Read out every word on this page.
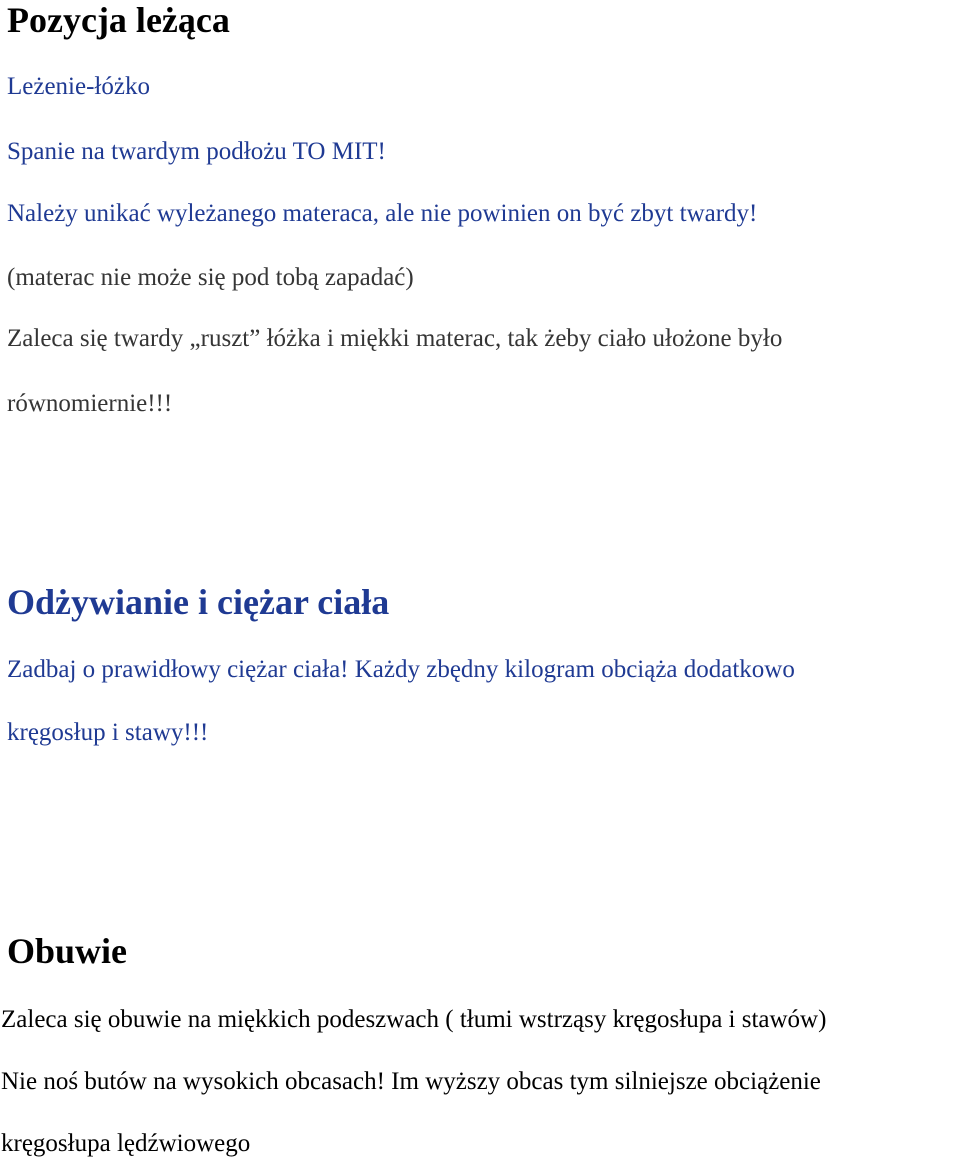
Pozycja leżąca

Leżenie-łóżko

Spanie na twardym podłożu TO MIT!

Należy unikać wyleżanego materaca, ale nie powinien on być zbyt twardy!

(materac nie może się pod tobą zapadać)

Zaleca się twardy „ruszt” łóżka i miękki materac, tak żeby ciało ułożone było

równomiernie!!!

Odżywianie i ciężar ciała

Zadbaj o prawidłowy ciężar ciała! Każdy zbędny kilogram obciąża dodatkowo

kręgosłup i stawy!!!

Obuwie

Zaleca się obuwie na miękkich podeszwach ( tłumi wstrząsy kręgosłupa i stawów)

Nie noś butów na wysokich obcasach! Im wyższy obcas tym silniejsze obciążenie

kręgosłupa lędźwiowego
